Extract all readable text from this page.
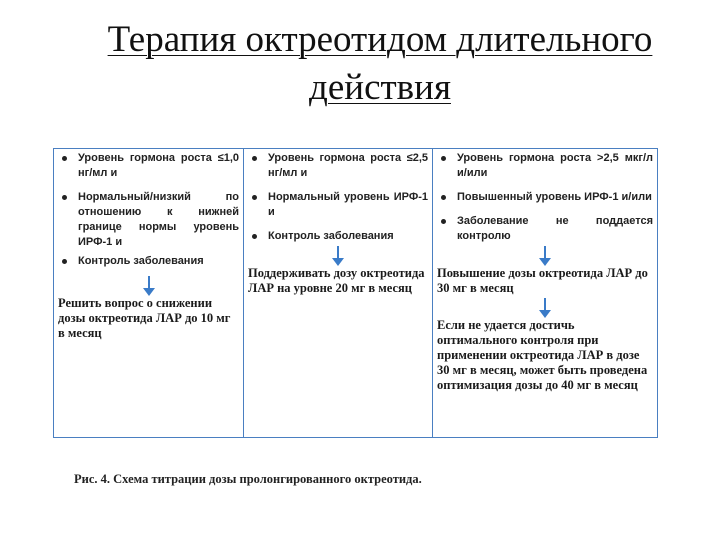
Терапия октреотидом длительного
действия
Уровень гормона роста ≤1,0 нг/мл и
Нормальный/низкий по отношению к нижней границе нормы уровень ИРФ-1 и
Контроль заболевания

Решить вопрос о снижении дозы октреотида ЛАР до 10 мг в месяц

Уровень гормона роста ≤2,5 нг/мл и
Нормальный уровень ИРФ-1 и
Контроль заболевания

Поддерживать дозу октреотида ЛАР на уровне 20 мг в месяц

Уровень гормона роста >2,5 мкг/л и/или
Повышенный уровень ИРФ-1 и/или
Заболевание не поддается контролю

Повышение дозы октреотида ЛАР до 30 мг в месяц

Если не удается достичь оптимального контроля при применении октреотида ЛАР в дозе 30 мг в месяц, может быть проведена оптимизация дозы до 40 мг в месяц

Рис. 4. Схема титрации дозы пролонгированного октреотида.
